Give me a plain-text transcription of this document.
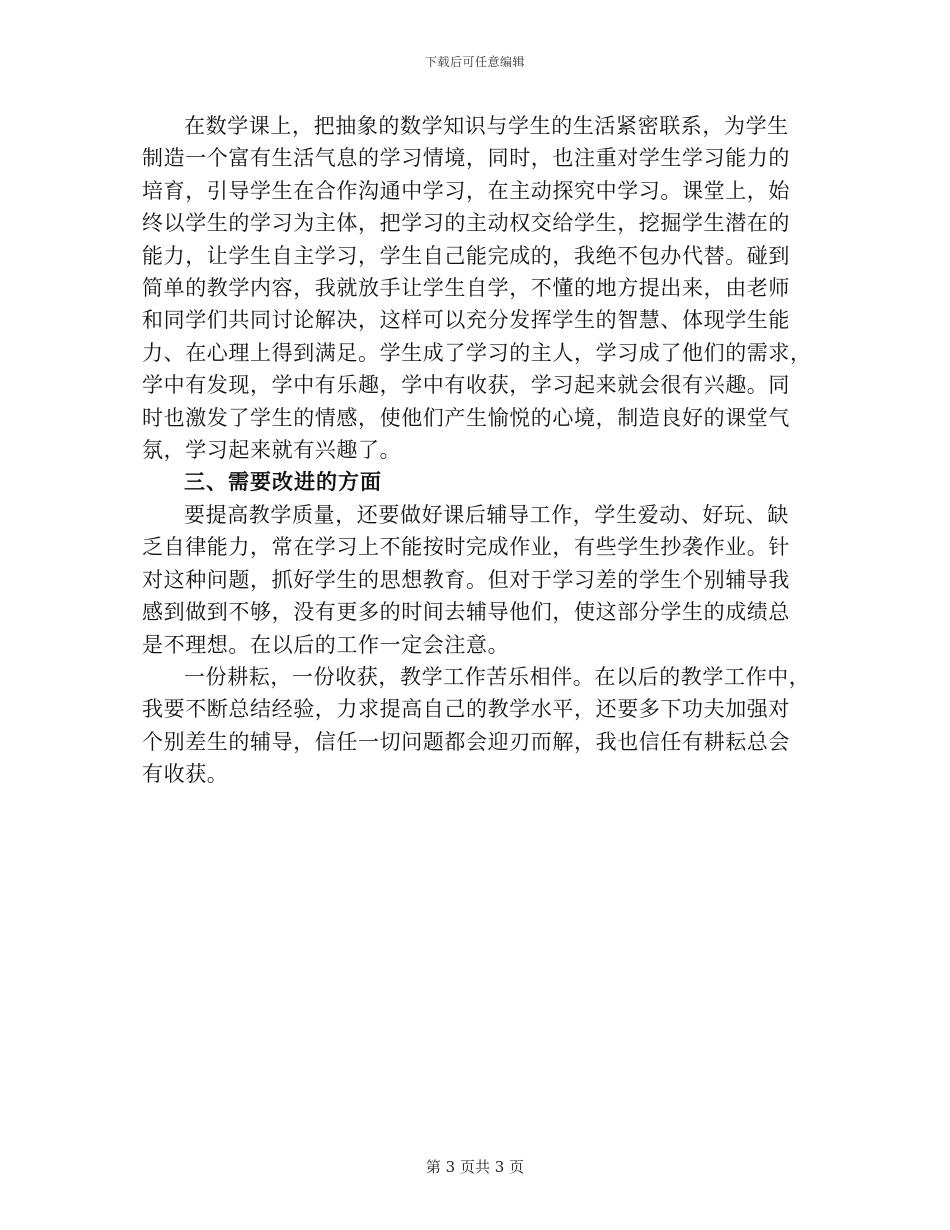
下载后可任意编辑

在数学课上，把抽象的数学知识与学生的生活紧密联系，为学生
制造一个富有生活气息的学习情境，同时，也注重对学生学习能力的
培育，引导学生在合作沟通中学习，在主动探究中学习。课堂上，始
终以学生的学习为主体，把学习的主动权交给学生，挖掘学生潜在的
能力，让学生自主学习，学生自己能完成的，我绝不包办代替。碰到
简单的教学内容，我就放手让学生自学，不懂的地方提出来，由老师
和同学们共同讨论解决，这样可以充分发挥学生的智慧、体现学生能
力、在心理上得到满足。学生成了学习的主人，学习成了他们的需求，
学中有发现，学中有乐趣，学中有收获，学习起来就会很有兴趣。同
时也激发了学生的情感，使他们产生愉悦的心境，制造良好的课堂气
氛，学习起来就有兴趣了。

三、需要改进的方面

要提高教学质量，还要做好课后辅导工作，学生爱动、好玩、缺
乏自律能力，常在学习上不能按时完成作业，有些学生抄袭作业。针
对这种问题，抓好学生的思想教育。但对于学习差的学生个别辅导我
感到做到不够，没有更多的时间去辅导他们，使这部分学生的成绩总
是不理想。在以后的工作一定会注意。

一份耕耘，一份收获，教学工作苦乐相伴。在以后的教学工作中，
我要不断总结经验，力求提高自己的教学水平，还要多下功夫加强对
个别差生的辅导，信任一切问题都会迎刃而解，我也信任有耕耘总会
有收获。

第 3 页共 3 页
